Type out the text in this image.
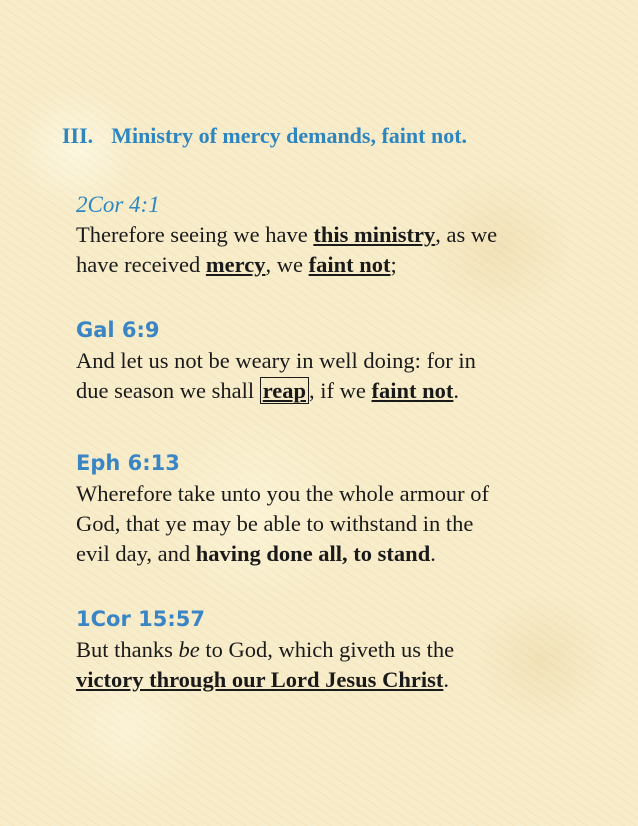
III. Ministry of mercy demands, faint not.

2Cor 4:1

Therefore seeing we have this ministry, as we

have received mercy, we faint not;

Gal 6:9

And let us not be weary in well doing: for in

due season we shall reap , if we faint not.

Eph 6:13

Wherefore take unto you the whole armour of

God, that ye may be able to withstand in the

evil day, and having done all, to stand.

1Cor 15:57

But thanks be to God, which giveth us the

victory through our Lord Jesus Christ.
